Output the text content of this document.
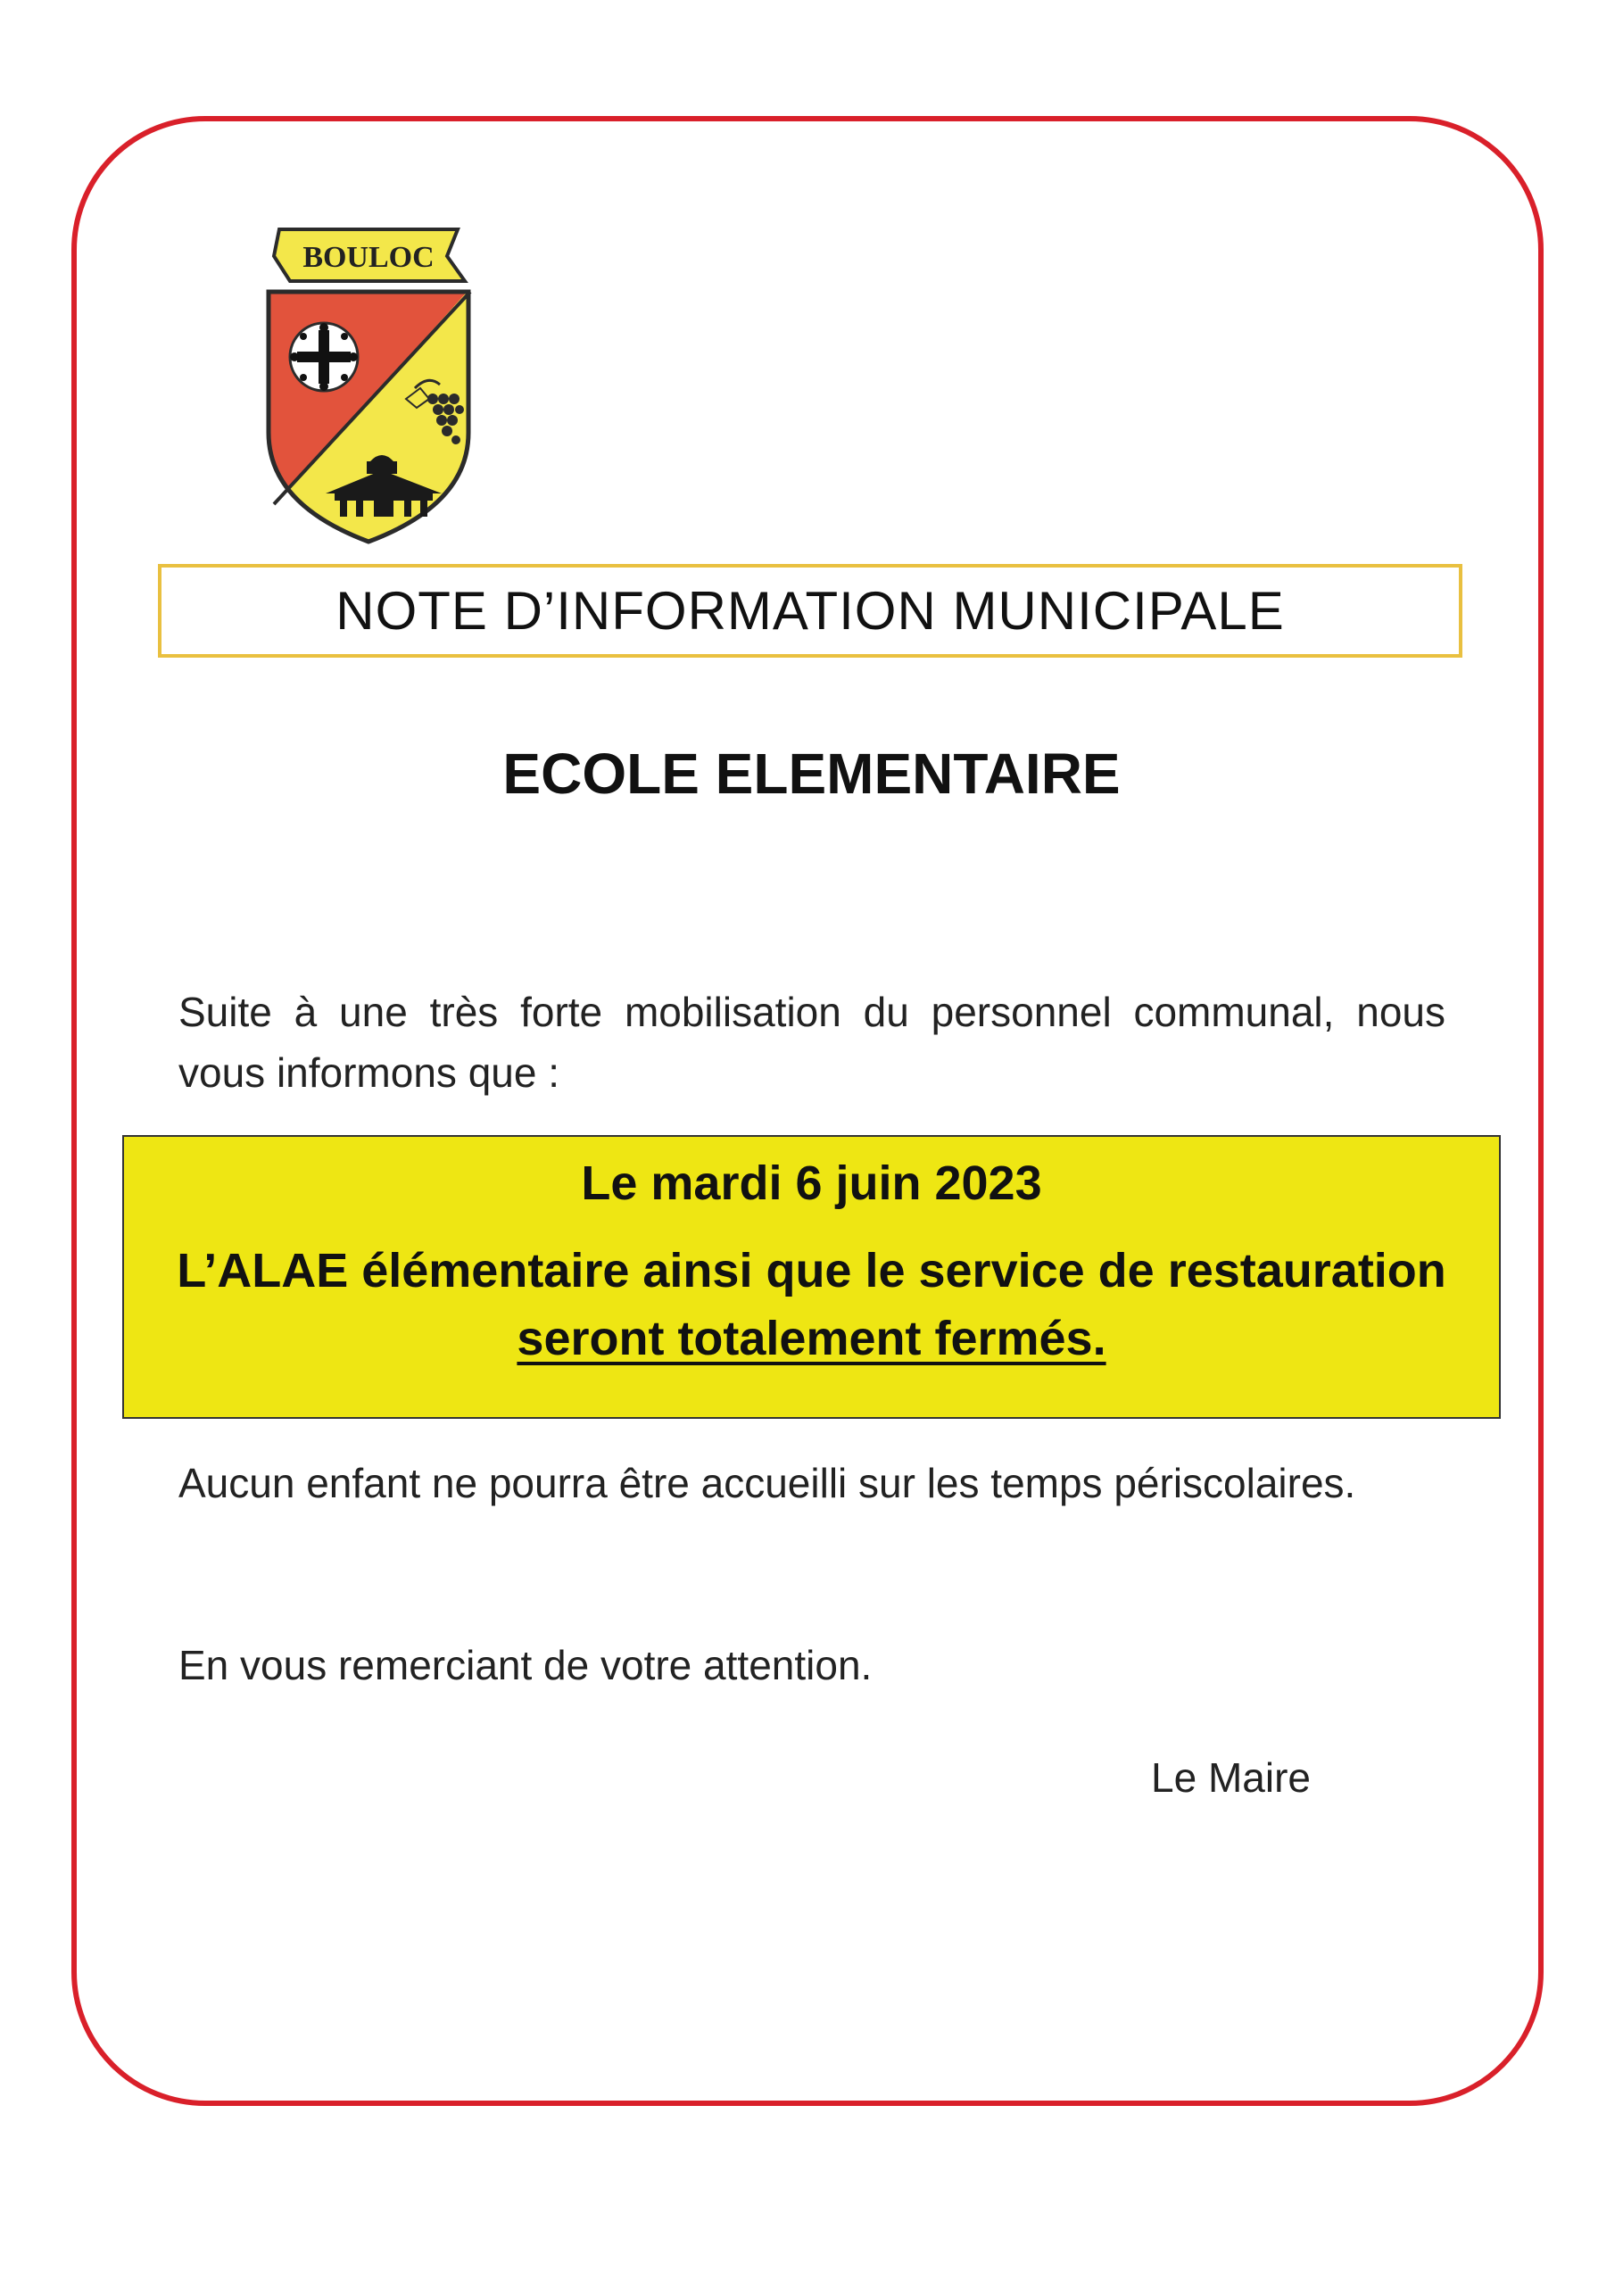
BOULOC
NOTE D’INFORMATION MUNICIPALE
ECOLE ELEMENTAIRE
Suite à une très forte mobilisation du personnel communal, nous vous informons que :
Le mardi 6 juin 2023
L’ALAE élémentaire ainsi que le service de restauration
seront totalement fermés.
Aucun enfant ne pourra être accueilli sur les temps périscolaires.
En vous remerciant de votre attention.
Le Maire
